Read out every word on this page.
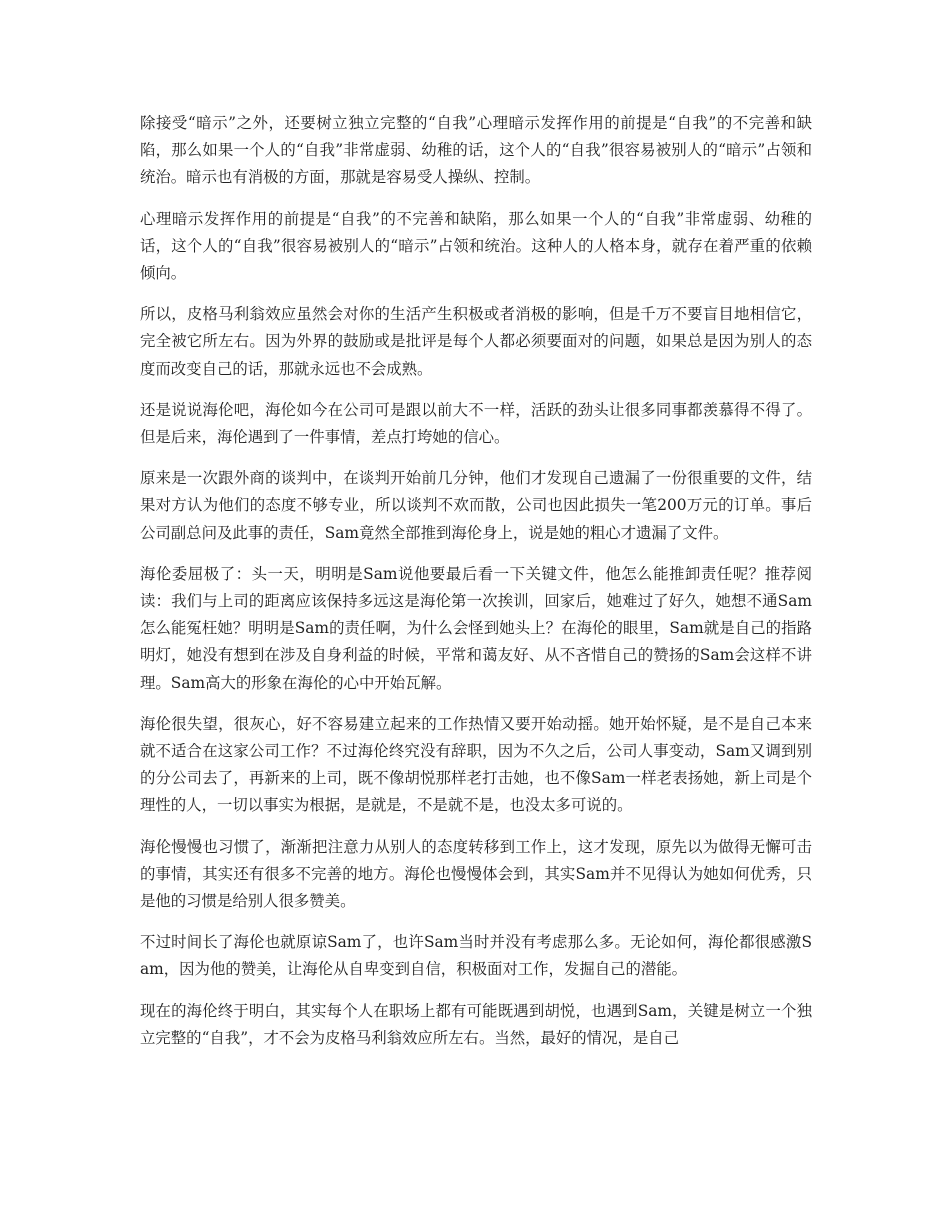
除接受“暗示”之外，还要树立独立完整的“自我”心理暗示发挥作用的前提是“自我”的不完善和缺陷，那么如果一个人的“自我”非常虚弱、幼稚的话，这个人的“自我”很容易被别人的“暗示”占领和统治。暗示也有消极的方面，那就是容易受人操纵、控制。

心理暗示发挥作用的前提是“自我”的不完善和缺陷，那么如果一个人的“自我”非常虚弱、幼稚的话，这个人的“自我”很容易被别人的“暗示”占领和统治。这种人的人格本身，就存在着严重的依赖倾向。

所以，皮格马利翁效应虽然会对你的生活产生积极或者消极的影响，但是千万不要盲目地相信它，完全被它所左右。因为外界的鼓励或是批评是每个人都必须要面对的问题，如果总是因为别人的态度而改变自己的话，那就永远也不会成熟。

还是说说海伦吧，海伦如今在公司可是跟以前大不一样，活跃的劲头让很多同事都羡慕得不得了。但是后来，海伦遇到了一件事情，差点打垮她的信心。

原来是一次跟外商的谈判中，在谈判开始前几分钟，他们才发现自己遗漏了一份很重要的文件，结果对方认为他们的态度不够专业，所以谈判不欢而散，公司也因此损失一笔200万元的订单。事后公司副总问及此事的责任，Sam竟然全部推到海伦身上，说是她的粗心才遗漏了文件。

海伦委屈极了：头一天，明明是Sam说他要最后看一下关键文件，他怎么能推卸责任呢？推荐阅读：我们与上司的距离应该保持多远这是海伦第一次挨训，回家后，她难过了好久，她想不通Sam怎么能冤枉她？明明是Sam的责任啊，为什么会怪到她头上？在海伦的眼里，Sam就是自己的指路明灯，她没有想到在涉及自身利益的时候，平常和蔼友好、从不吝惜自己的赞扬的Sam会这样不讲理。Sam高大的形象在海伦的心中开始瓦解。

海伦很失望，很灰心，好不容易建立起来的工作热情又要开始动摇。她开始怀疑，是不是自己本来就不适合在这家公司工作？不过海伦终究没有辞职，因为不久之后，公司人事变动，Sam又调到别的分公司去了，再新来的上司，既不像胡悦那样老打击她，也不像Sam一样老表扬她，新上司是个理性的人，一切以事实为根据，是就是，不是就不是，也没太多可说的。

海伦慢慢也习惯了，渐渐把注意力从别人的态度转移到工作上，这才发现，原先以为做得无懈可击的事情，其实还有很多不完善的地方。海伦也慢慢体会到，其实Sam并不见得认为她如何优秀，只是他的习惯是给别人很多赞美。

不过时间长了海伦也就原谅Sam了，也许Sam当时并没有考虑那么多。无论如何，海伦都很感激Sam，因为他的赞美，让海伦从自卑变到自信，积极面对工作，发掘自己的潜能。

现在的海伦终于明白，其实每个人在职场上都有可能既遇到胡悦，也遇到Sam，关键是树立一个独立完整的“自我”，才不会为皮格马利翁效应所左右。当然，最好的情况，是自己
